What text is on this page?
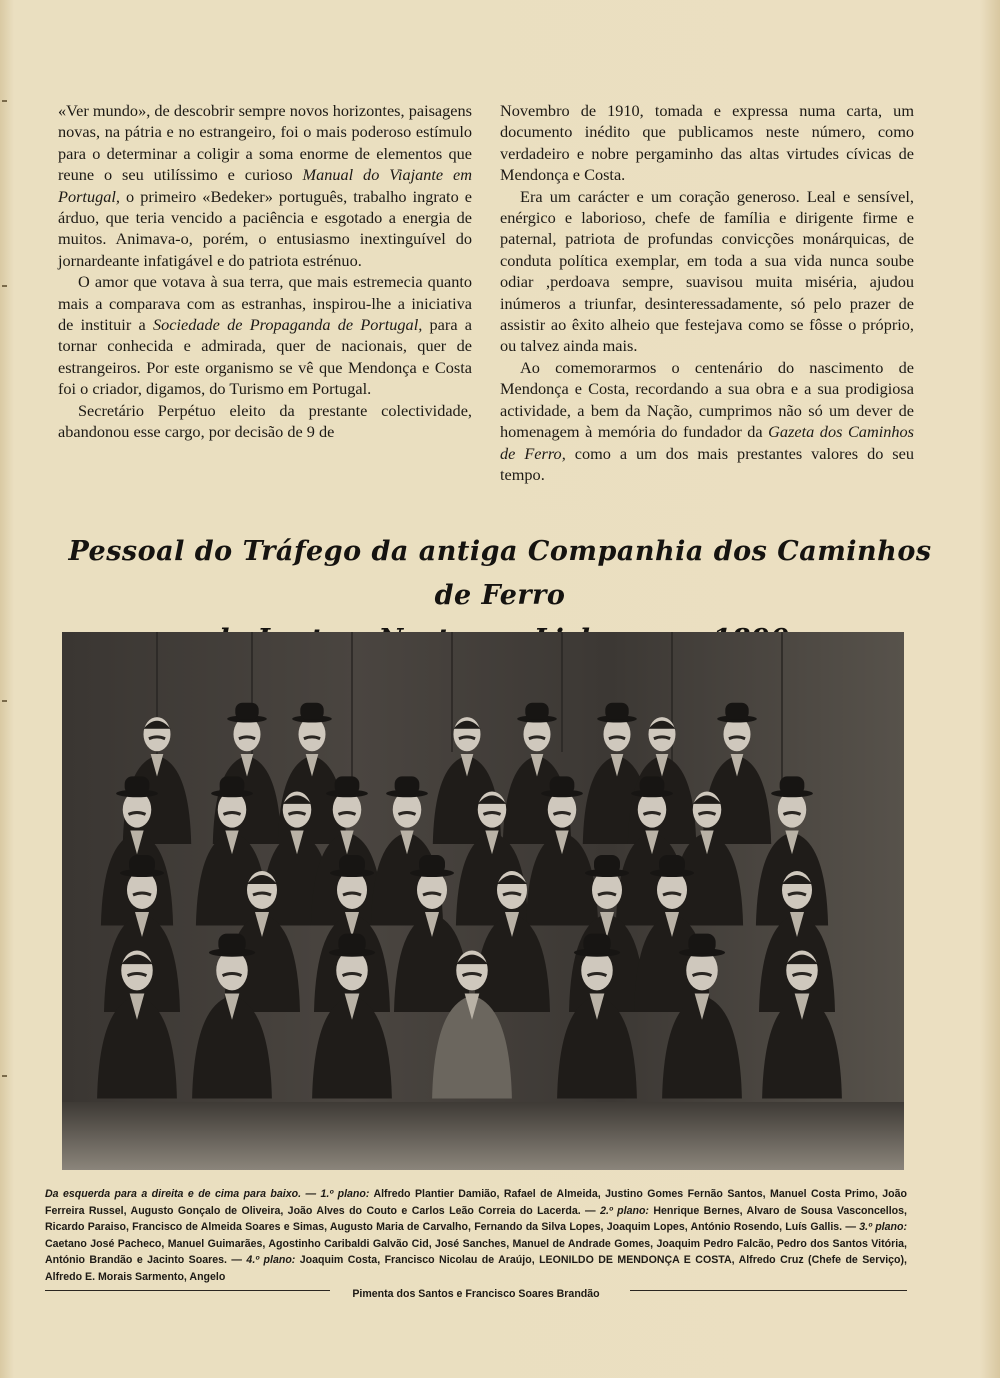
«Ver mundo», de descobrir sempre novos horizontes, paisagens novas, na pátria e no estrangeiro, foi o mais poderoso estímulo para o determinar a coligir a soma enorme de elementos que reune o seu utilíssimo e curioso Manual do Viajante em Portugal, o primeiro «Bedeker» português, trabalho ingrato e árduo, que teria vencido a paciência e esgotado a energia de muitos. Animava-o, porém, o entusiasmo inextinguível do jornardeante infatigável e do patriota estrénuo.

O amor que votava à sua terra, que mais estremecia quanto mais a comparava com as estranhas, inspirou-lhe a iniciativa de instituir a Sociedade de Propaganda de Portugal, para a tornar conhecida e admirada, quer de nacionais, quer de estrangeiros. Por este organismo se vê que Mendonça e Costa foi o criador, digamos, do Turismo em Portugal.

Secretário Perpétuo eleito da prestante colectividade, abandonou esse cargo, por decisão de 9 de

Novembro de 1910, tomada e expressa numa carta, um documento inédito que publicamos neste número, como verdadeiro e nobre pergaminho das altas virtudes cívicas de Mendonça e Costa.

Era um carácter e um coração generoso. Leal e sensível, enérgico e laborioso, chefe de família e dirigente firme e paternal, patriota de profundas convicções monárquicas, de conduta política exemplar, em toda a sua vida nunca soube odiar ,perdoava sempre, suavisou muita miséria, ajudou inúmeros a triunfar, desinteressadamente, só pelo prazer de assistir ao êxito alheio que festejava como se fôsse o próprio, ou talvez ainda mais.

Ao comemorarmos o centenário do nascimento de Mendonça e Costa, recordando a sua obra e a sua prodigiosa actividade, a bem da Nação, cumprimos não só um dever de homenagem à memória do fundador da Gazeta dos Caminhos de Ferro, como a um dos mais prestantes valores do seu tempo.

Pessoal do Tráfego da antiga Companhia dos Caminhos de Ferro
Da esquerda para a direita e de cima para baixo. — 1.º plano: Alfredo Plantier Damião, Rafael de Almeida, Justino Gomes Fernão Santos, Manuel Costa Primo, João Ferreira Russel, Augusto Gonçalo de Oliveira, João Alves do Couto e Carlos Leão Correia do Lacerda. — 2.º plano: Henrique Bernes, Alvaro de Sousa Vasconcellos, Ricardo Paraiso, Francisco de Almeida Soares e Simas, Augusto Maria de Carvalho, Fernando da Silva Lopes, Joaquim Lopes, António Rosendo, Luís Gallis. — 3.º plano: Caetano José Pacheco, Manuel Guimarães, Agostinho Caribaldi Galvão Cid, José Sanches, Manuel de Andrade Gomes, Joaquim Pedro Falcão, Pedro dos Santos Vitória, António Brandão e Jacinto Soares. — 4.º plano: Joaquim Costa, Francisco Nicolau de Araújo, LEONILDO DE MENDONÇA E COSTA, Alfredo Cruz (Chefe de Serviço), Alfredo E. Morais Sarmento, Angelo
Pimenta dos Santos e Francisco Soares Brandão
